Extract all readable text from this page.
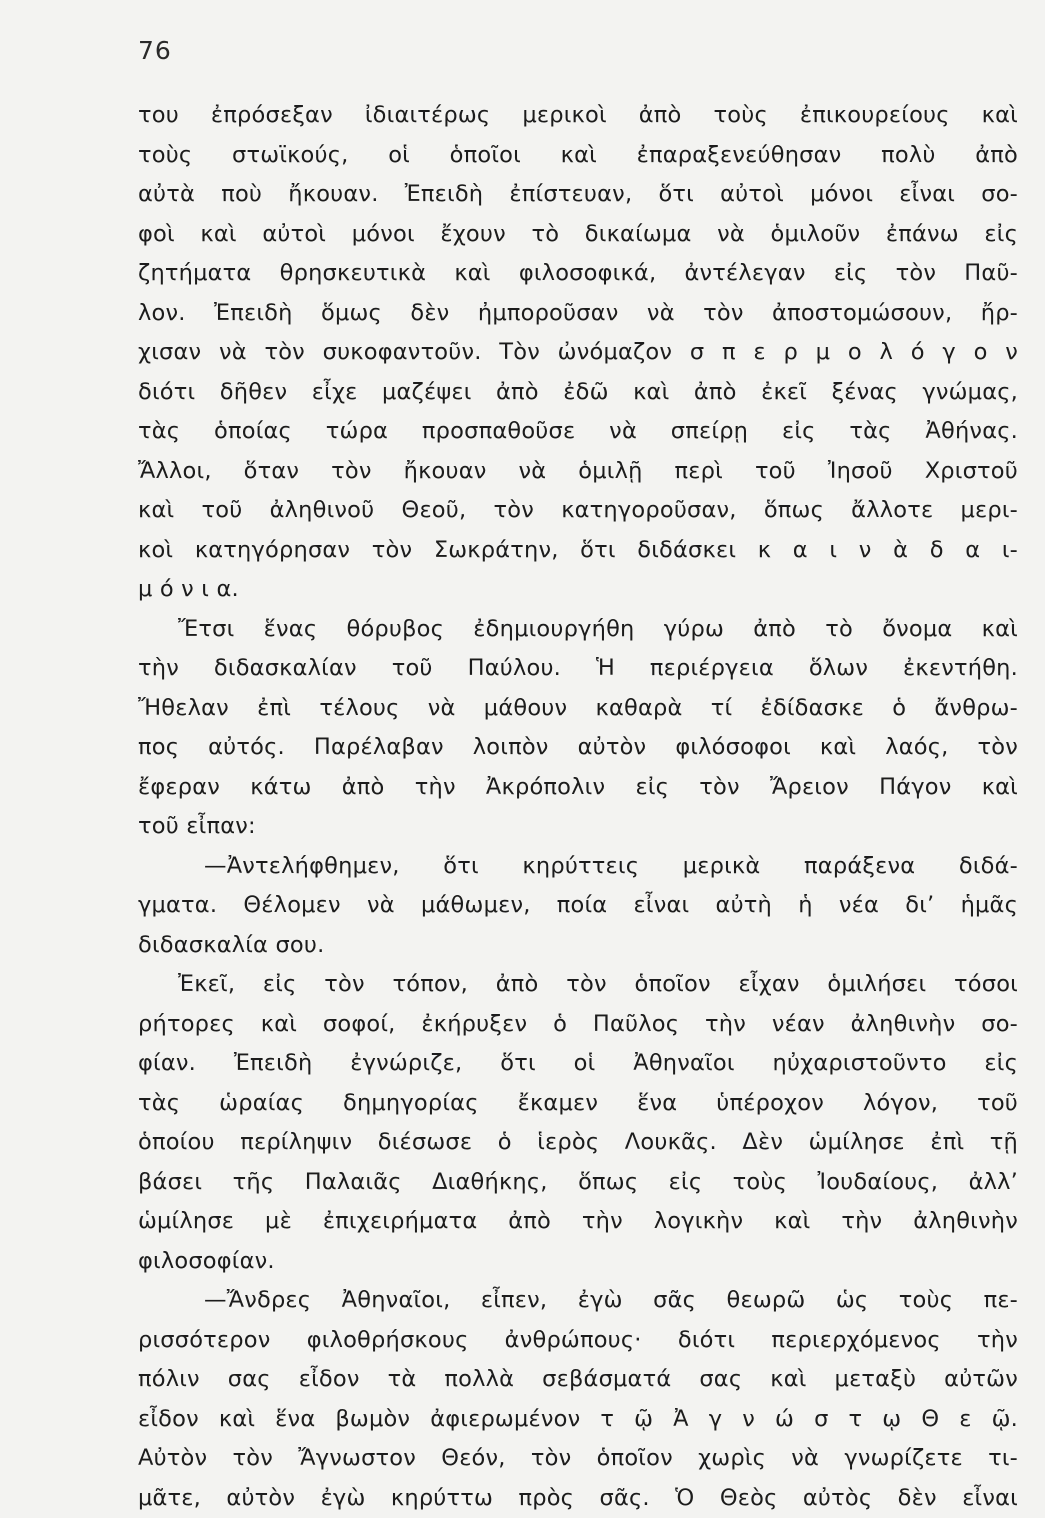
76
του ἐπρόσεξαν ἰδιαιτέρως μερικοὶ ἀπὸ τοὺς ἐπικουρείους καὶ
τοὺς στωϊκούς, οἱ ὁποῖοι καὶ ἐπαραξενεύθησαν πολὺ ἀπὸ
αὐτὰ ποὺ ἤκουαν. Ἐπειδὴ ἐπίστευαν, ὅτι αὐτοὶ μόνοι εἶναι σο-
φοὶ καὶ αὐτοὶ μόνοι ἔχουν τὸ δικαίωμα νὰ ὁμιλοῦν ἐπάνω εἰς
ζητήματα θρησκευτικὰ καὶ φιλοσοφικά, ἀντέλεγαν εἰς τὸν Παῦ-
λον. Ἐπειδὴ ὅμως δὲν ἠμποροῦσαν νὰ τὸν ἀποστομώσουν, ἤρ-
χισαν νὰ τὸν συκοφαντοῦν. Τὸν ὠνόμαζον σ π ε ρ μ ο λ ό γ ο ν
διότι δῆθεν εἶχε μαζέψει ἀπὸ ἐδῶ καὶ ἀπὸ ἐκεῖ ξένας γνώμας,
τὰς ὁποίας τώρα προσπαθοῦσε νὰ σπείρῃ εἰς τὰς Ἀθήνας.
Ἄλλοι, ὅταν τὸν ἤκουαν νὰ ὁμιλῇ περὶ τοῦ Ἰησοῦ Χριστοῦ
καὶ τοῦ ἀληθινοῦ Θεοῦ, τὸν κατηγοροῦσαν, ὅπως ἄλλοτε μερι-
κοὶ κατηγόρησαν τὸν Σωκράτην, ὅτι διδάσκει κ α ι ν ὰ δ α ι-
μ ό ν ι α.
Ἔτσι ἕνας θόρυβος ἐδημιουργήθη γύρω ἀπὸ τὸ ὄνομα καὶ
τὴν διδασκαλίαν τοῦ Παύλου. Ἡ περιέργεια ὅλων ἐκεντήθη.
Ἤθελαν ἐπὶ τέλους νὰ μάθουν καθαρὰ τί ἐδίδασκε ὁ ἄνθρω-
πος αὐτός. Παρέλαβαν λοιπὸν αὐτὸν φιλόσοφοι καὶ λαός, τὸν
ἔφεραν κάτω ἀπὸ τὴν Ἀκρόπολιν εἰς τὸν Ἄρειον Πάγον καὶ
τοῦ εἶπαν:
—Ἀντελήφθημεν, ὅτι κηρύττεις μερικὰ παράξενα διδά-
γματα. Θέλομεν νὰ μάθωμεν, ποία εἶναι αὐτὴ ἡ νέα δι’ ἡμᾶς
διδασκαλία σου.
Ἐκεῖ, εἰς τὸν τόπον, ἀπὸ τὸν ὁποῖον εἶχαν ὁμιλήσει τόσοι
ρήτορες καὶ σοφοί, ἐκήρυξεν ὁ Παῦλος τὴν νέαν ἀληθινὴν σο-
φίαν. Ἐπειδὴ ἐγνώριζε, ὅτι οἱ Ἀθηναῖοι ηὐχαριστοῦντο εἰς
τὰς ὡραίας δημηγορίας ἔκαμεν ἕνα ὑπέροχον λόγον, τοῦ
ὁποίου περίληψιν διέσωσε ὁ ἱερὸς Λουκᾶς. Δὲν ὡμίλησε ἐπὶ τῇ
βάσει τῆς Παλαιᾶς Διαθήκης, ὅπως εἰς τοὺς Ἰουδαίους, ἀλλ’
ὡμίλησε μὲ ἐπιχειρήματα ἀπὸ τὴν λογικὴν καὶ τὴν ἀληθινὴν
φιλοσοφίαν.
—Ἄνδρες Ἀθηναῖοι, εἶπεν, ἐγὼ σᾶς θεωρῶ ὡς τοὺς πε-
ρισσότερον φιλοθρήσκους ἀνθρώπους· διότι περιερχόμενος τὴν
πόλιν σας εἶδον τὰ πολλὰ σεβάσματά σας καὶ μεταξὺ αὐτῶν
εἶδον καὶ ἕνα βωμὸν ἀφιερωμένον τ ῷ Ἀ γ ν ώ σ τ ῳ Θ ε ῷ.
Αὐτὸν τὸν Ἄγνωστον Θεόν, τὸν ὁποῖον χωρὶς νὰ γνωρίζετε τι-
μᾶτε, αὐτὸν ἐγὼ κηρύττω πρὸς σᾶς. Ὁ Θεὸς αὐτὸς δὲν εἶναι
